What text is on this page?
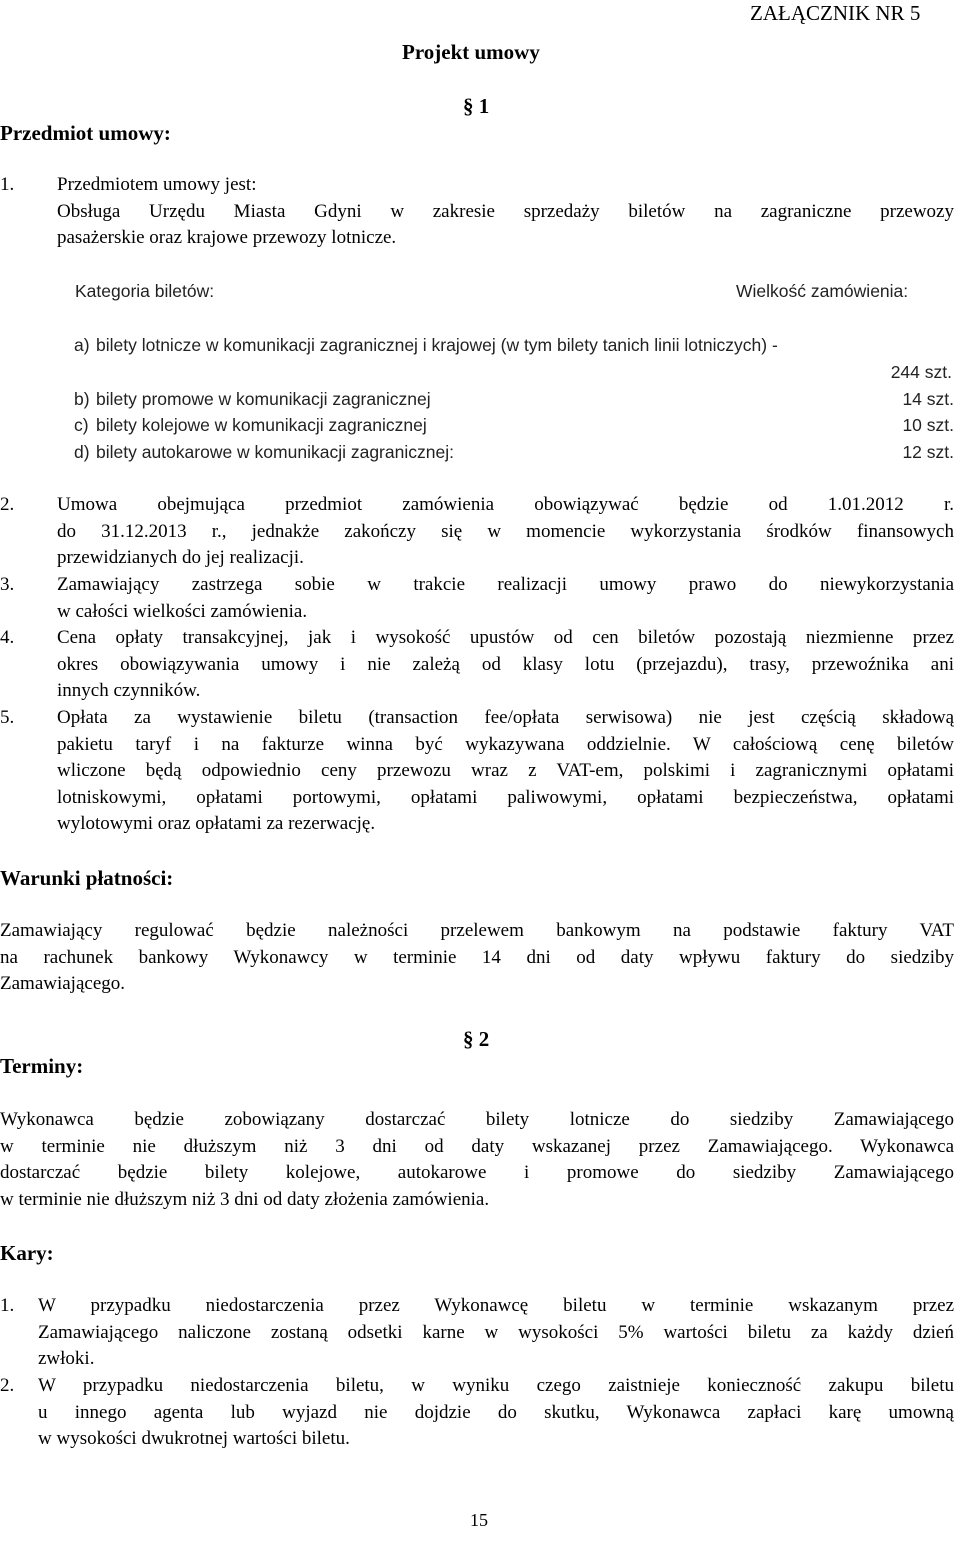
ZAŁĄCZNIK NR 5
Projekt umowy
§ 1
Przedmiot umowy:
1. Przedmiotem umowy jest:
Obsługa Urzędu Miasta Gdyni w zakresie sprzedaży biletów na zagraniczne przewozy
pasażerskie oraz krajowe przewozy lotnicze.
Kategoria biletów:	Wielkość zamówienia:
a) bilety lotnicze w komunikacji zagranicznej i krajowej (w tym bilety tanich linii lotniczych) -
244 szt.
b) bilety promowe w komunikacji zagranicznej	14 szt.
c) bilety kolejowe w komunikacji zagranicznej	10 szt.
d) bilety autokarowe w komunikacji zagranicznej:	12 szt.
2. Umowa obejmująca przedmiot zamówienia obowiązywać będzie od 1.01.2012 r.
do 31.12.2013 r., jednakże zakończy się w momencie wykorzystania środków finansowych
przewidzianych do jej realizacji.
3. Zamawiający zastrzega sobie w trakcie realizacji umowy prawo do niewykorzystania
w całości wielkości zamówienia.
4. Cena opłaty transakcyjnej, jak i wysokość upustów od cen biletów pozostają niezmienne przez
okres obowiązywania umowy i nie zależą od klasy lotu (przejazdu), trasy, przewoźnika ani
innych czynników.
5. Opłata za wystawienie biletu (transaction fee/opłata serwisowa) nie jest częścią składową
pakietu taryf i na fakturze winna być wykazywana oddzielnie. W całościową cenę biletów
wliczone będą odpowiednio ceny przewozu wraz z VAT-em, polskimi i zagranicznymi opłatami
lotniskowymi, opłatami portowymi, opłatami paliwowymi, opłatami bezpieczeństwa, opłatami
wylotowymi oraz opłatami za rezerwację.
Warunki płatności:
Zamawiający regulować będzie należności przelewem bankowym na podstawie faktury VAT
na rachunek bankowy Wykonawcy w terminie 14 dni od daty wpływu faktury do siedziby
Zamawiającego.
§ 2
Terminy:
Wykonawca będzie zobowiązany dostarczać bilety lotnicze do siedziby Zamawiającego
w terminie nie dłuższym niż 3 dni od daty wskazanej przez Zamawiającego. Wykonawca
dostarczać będzie bilety kolejowe, autokarowe i promowe do siedziby Zamawiającego
w terminie nie dłuższym niż 3 dni od daty złożenia zamówienia.
Kary:
1. W przypadku niedostarczenia przez Wykonawcę biletu w terminie wskazanym przez
Zamawiającego naliczone zostaną odsetki karne w wysokości 5% wartości biletu za każdy dzień
zwłoki.
2. W przypadku niedostarczenia biletu, w wyniku czego zaistnieje konieczność zakupu biletu
u innego agenta lub wyjazd nie dojdzie do skutku, Wykonawca zapłaci karę umowną
w wysokości dwukrotnej wartości biletu.
15
